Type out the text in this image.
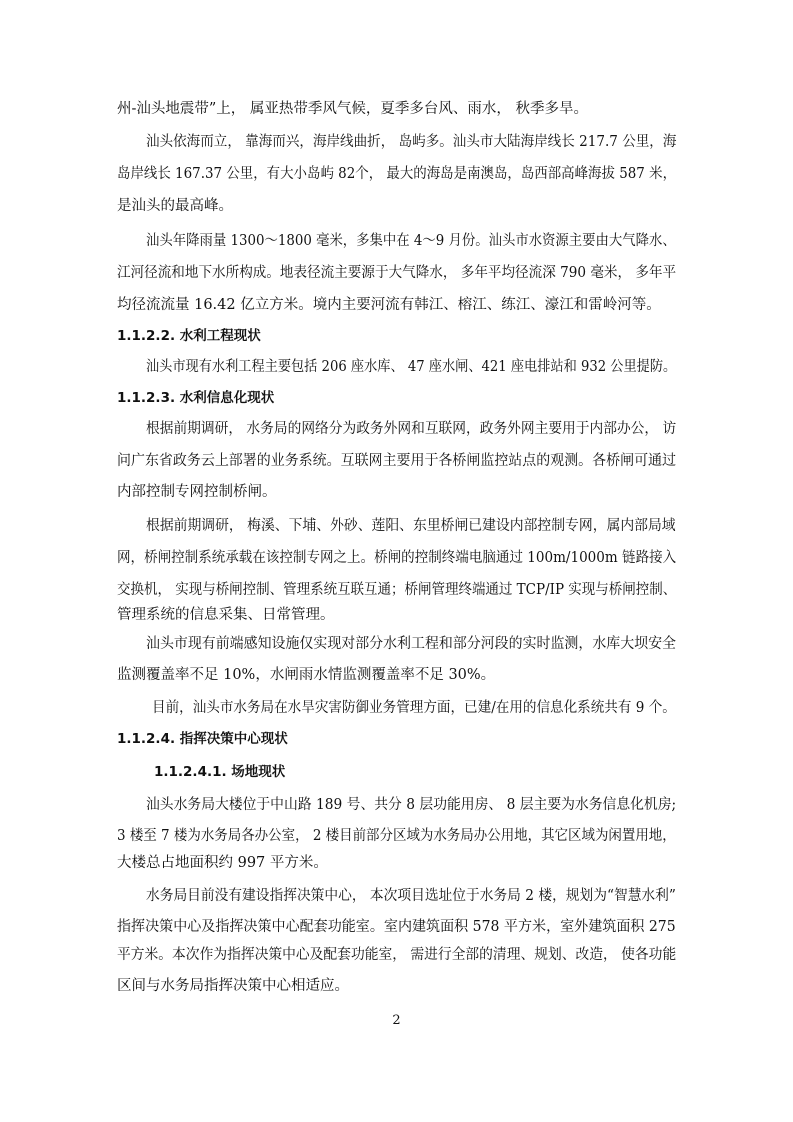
州-汕头地震带”上， 属亚热带季风气候，夏季多台风、雨水， 秋季多旱。
汕头依海而立， 靠海而兴，海岸线曲折， 岛屿多。汕头市大陆海岸线长 217.7 公里，海
岛岸线长 167.37 公里，有大小岛屿 82个， 最大的海岛是南澳岛，岛西部高峰海拔 587 米，
是汕头的最高峰。
汕头年降雨量 1300～1800 毫米，多集中在 4～9 月份。汕头市水资源主要由大气降水、
江河径流和地下水所构成。地表径流主要源于大气降水， 多年平均径流深 790 毫米， 多年平
均径流流量 16.42 亿立方米。境内主要河流有韩江、榕江、练江、濠江和雷岭河等。
1.1.2.2. 水利工程现状
汕头市现有水利工程主要包括 206 座水库、 47 座水闸、421 座电排站和 932 公里提防。
1.1.2.3. 水利信息化现状
根据前期调研， 水务局的网络分为政务外网和互联网，政务外网主要用于内部办公， 访
问广东省政务云上部署的业务系统。互联网主要用于各桥闸监控站点的观测。各桥闸可通过
内部控制专网控制桥闸。
根据前期调研， 梅溪、下埔、外砂、莲阳、东里桥闸已建设内部控制专网，属内部局域
网，桥闸控制系统承载在该控制专网之上。桥闸的控制终端电脑通过 100m/1000m 链路接入
交换机， 实现与桥闸控制、管理系统互联互通；桥闸管理终端通过 TCP/IP 实现与桥闸控制、
管理系统的信息采集、日常管理。
汕头市现有前端感知设施仅实现对部分水利工程和部分河段的实时监测，水库大坝安全
监测覆盖率不足 10%，水闸雨水情监测覆盖率不足 30%。
目前，汕头市水务局在水旱灾害防御业务管理方面，已建/在用的信息化系统共有 9 个。
1.1.2.4. 指挥决策中心现状
1.1.2.4.1. 场地现状
汕头水务局大楼位于中山路 189 号、共分 8 层功能用房、 8 层主要为水务信息化机房;
3 楼至 7 楼为水务局各办公室， 2 楼目前部分区域为水务局办公用地，其它区域为闲置用地，
大楼总占地面积约 997 平方米。
水务局目前没有建设指挥决策中心， 本次项目选址位于水务局 2 楼，规划为“智慧水利”
指挥决策中心及指挥决策中心配套功能室。室内建筑面积 578 平方米，室外建筑面积 275
平方米。本次作为指挥决策中心及配套功能室， 需进行全部的清理、规划、改造， 使各功能
区间与水务局指挥决策中心相适应。
2
